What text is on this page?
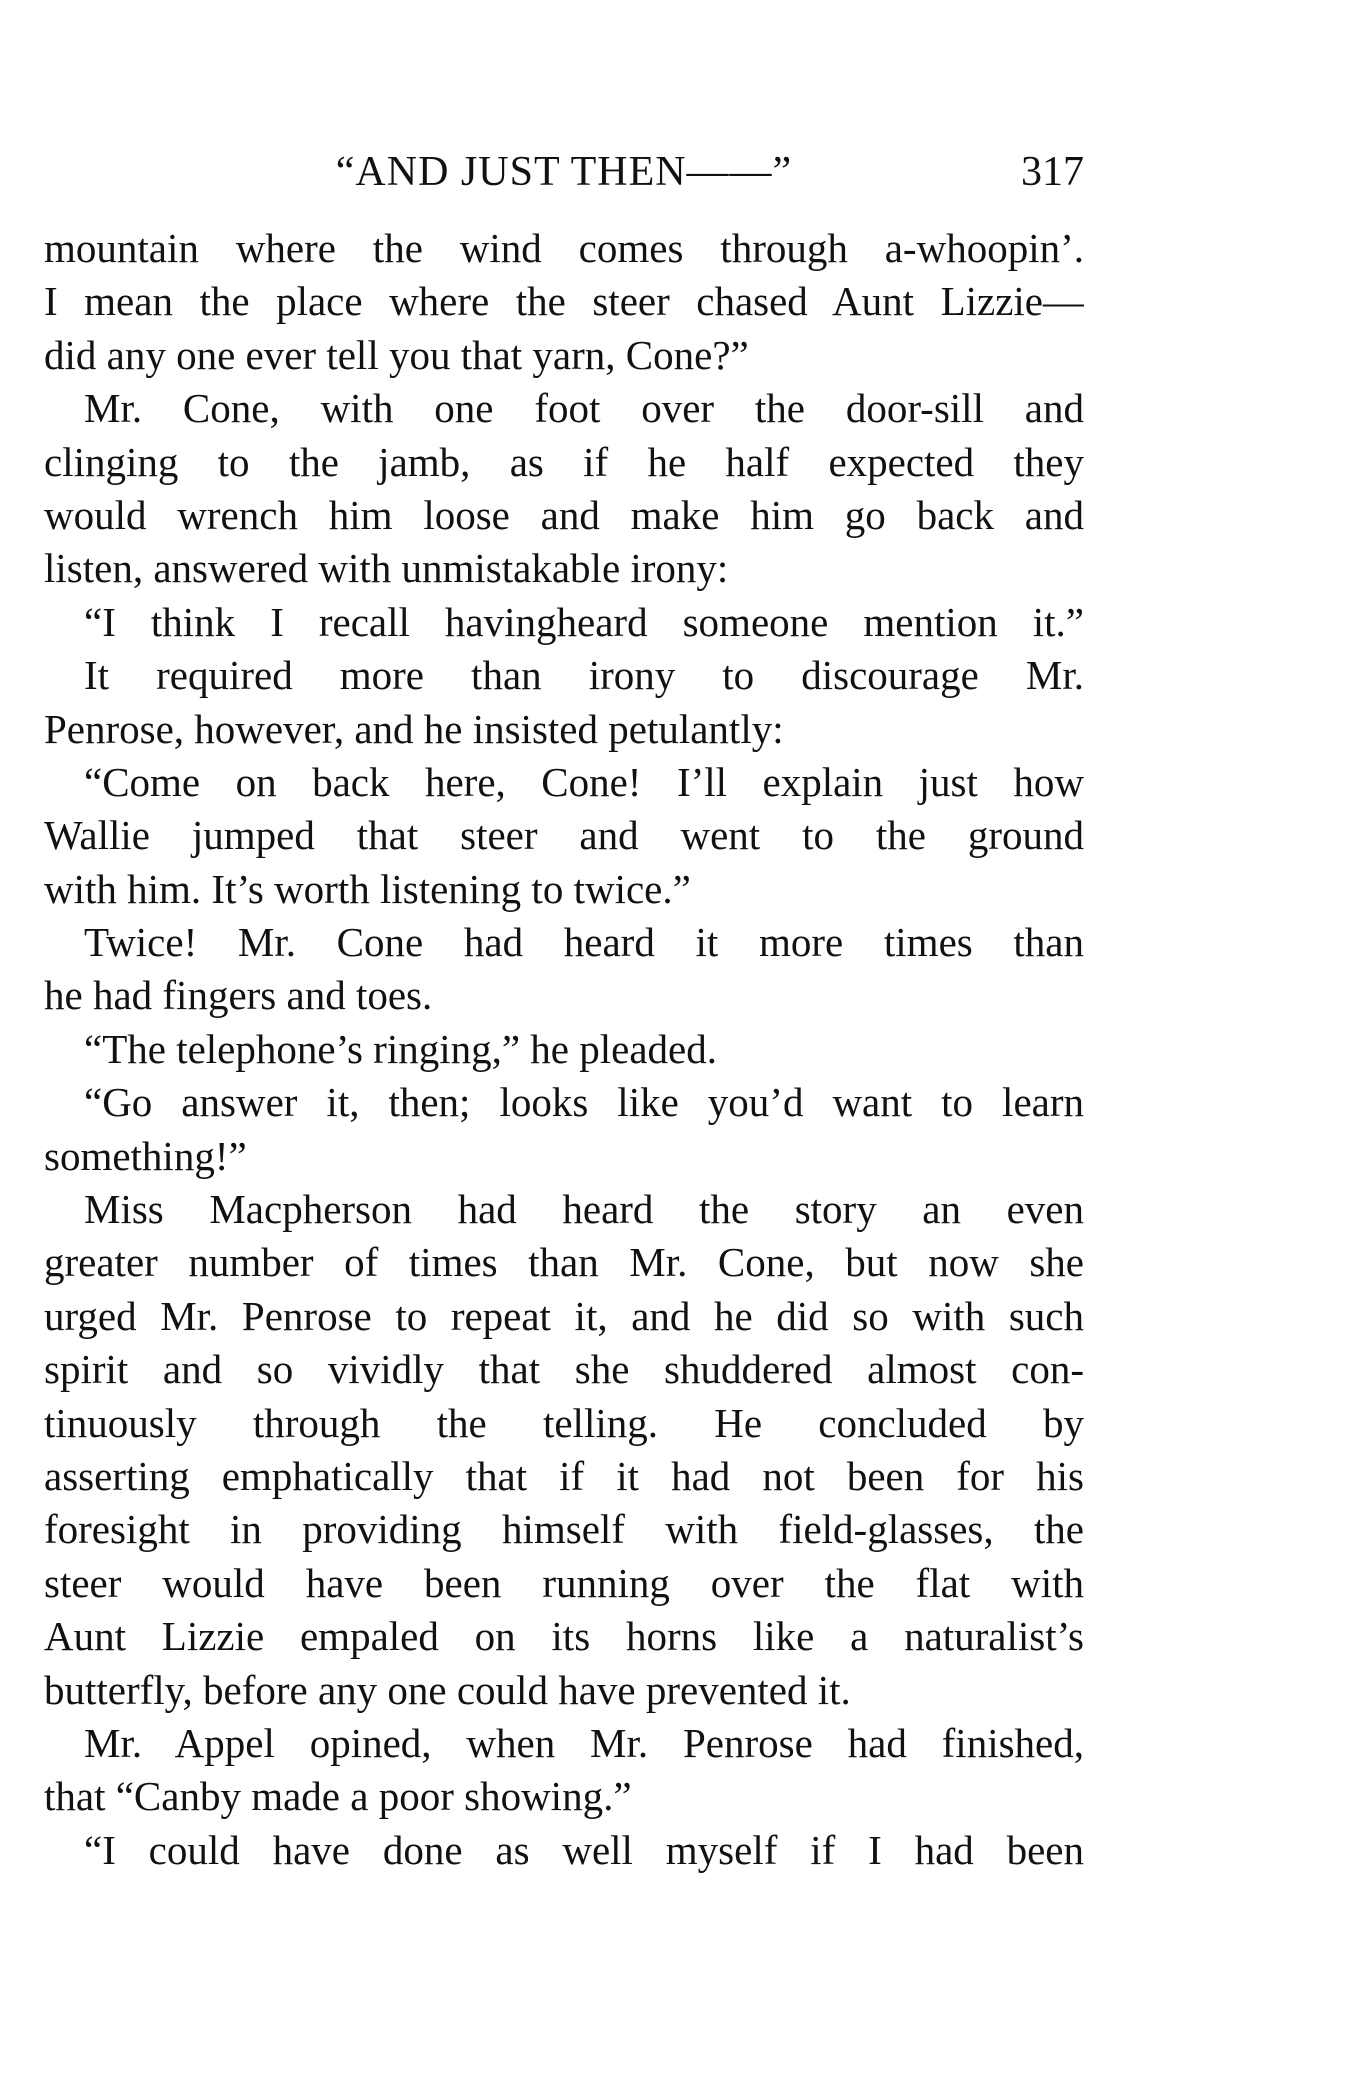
“AND JUST THEN——”	317
mountain where the wind comes through a-whoopin’.
I mean the place where the steer chased Aunt Lizzie—
did any one ever tell you that yarn, Cone?”
Mr. Cone, with one foot over the door-sill and
clinging to the jamb, as if he half expected they
would wrench him loose and make him go back and
listen, answered with unmistakable irony:
“I think I recall havingheard someone mention it.”
It required more than irony to discourage Mr.
Penrose, however, and he insisted petulantly:
“Come on back here, Cone! I’ll explain just how
Wallie jumped that steer and went to the ground
with him. It’s worth listening to twice.”
Twice! Mr. Cone had heard it more times than
he had fingers and toes.
“The telephone’s ringing,” he pleaded.
“Go answer it, then; looks like you’d want to learn
something!”
Miss Macpherson had heard the story an even
greater number of times than Mr. Cone, but now she
urged Mr. Penrose to repeat it, and he did so with such
spirit and so vividly that she shuddered almost con-
tinuously through the telling. He concluded by
asserting emphatically that if it had not been for his
foresight in providing himself with field-glasses, the
steer would have been running over the flat with
Aunt Lizzie empaled on its horns like a naturalist’s
butterfly, before any one could have prevented it.
Mr. Appel opined, when Mr. Penrose had finished,
that “Canby made a poor showing.”
“I could have done as well myself if I had been
